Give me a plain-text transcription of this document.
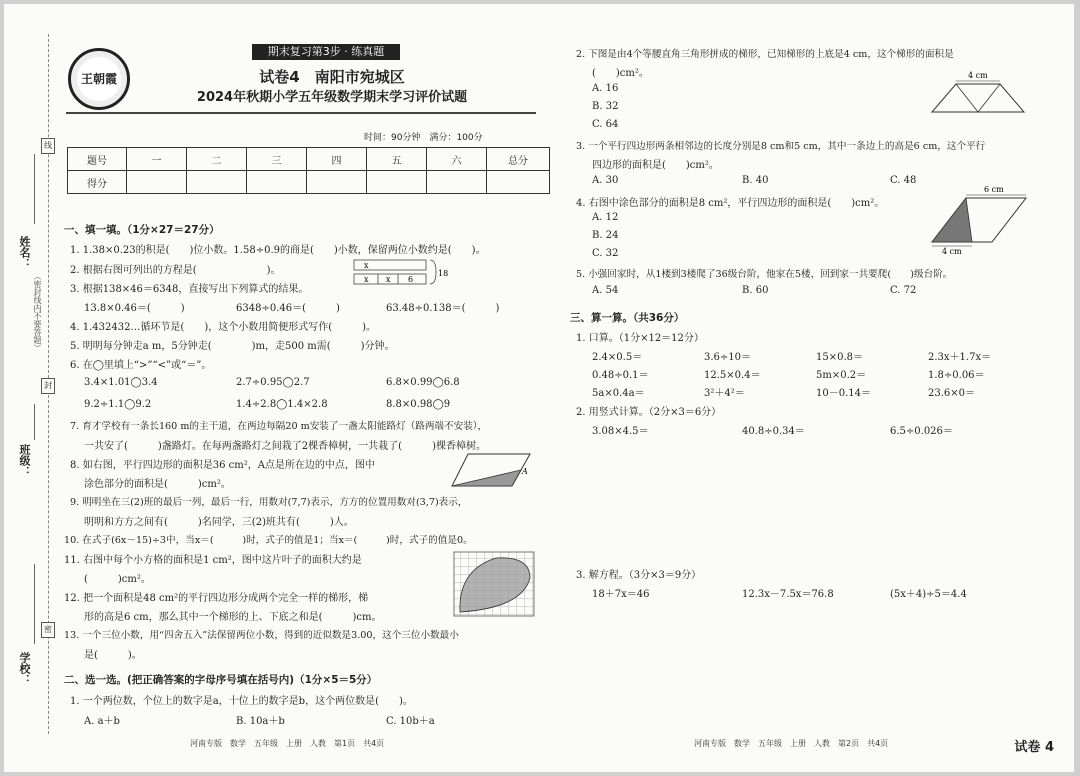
线
封
密
姓名：
（密封线内不要答题）
班级：
学校：
王朝霞
期末复习第3步 · 练真题
试卷4　南阳市宛城区
2024年秋期小学五年级数学期末学习评价试题
时间：90分钟　满分：100分
题号	一	二	三	四	五	六	总分
得分							
一、填一填。（1分×27＝27分）
1. 1.38×0.23的积是(　　)位小数。1.58÷0.9的商是(　　)小数，保留两位小数约是(　　)。
2. 根据右图可列出的方程是(　　　　　　　)。	x
x x 6
18
3. 根据138×46＝6348，直接写出下列算式的结果。
13.8×0.46＝(　　　)	6348÷0.46＝(　　　)	63.48÷0.138＝(　　　)
4. 1.432432…循环节是(　　)，这个小数用简便形式写作(　　　)。
5. 明明每分钟走a m，5分钟走(　　　　)m，走500 m需(　　　)分钟。
6. 在◯里填上“>”“<”或“＝”。
3.4×1.01◯3.4	2.7÷0.95◯2.7	6.8×0.99◯6.8
9.2÷1.1◯9.2	1.4÷2.8◯1.4×2.8	8.8×0.98◯9
7. 育才学校有一条长160 m的主干道，在两边每隔20 m安装了一盏太阳能路灯（路两端不安装），
一共安了(　　　)盏路灯。在每两盏路灯之间栽了2棵香樟树，一共栽了(　　　)棵香樟树。
8. 如右图，平行四边形的面积是36 cm²，A点是所在边的中点，图中
涂色部分的面积是(　　　)cm²。
A
9. 明明坐在三(2)班的最后一列，最后一行，用数对(7,7)表示，方方的位置用数对(3,7)表示，
明明和方方之间有(　　　)名同学，三(2)班共有(　　　)人。
10. 在式子(6x－15)÷3中，当x＝(　　　)时，式子的值是1；当x＝(　　　)时，式子的值是0。
11. 右图中每个小方格的面积是1 cm²，图中这片叶子的面积大约是
(　　　)cm²。
12. 把一个面积是48 cm²的平行四边形分成两个完全一样的梯形，梯
形的高是6 cm，那么其中一个梯形的上、下底之和是(　　　)cm。
13. 一个三位小数，用“四舍五入”法保留两位小数，得到的近似数是3.00，这个三位小数最小
是(　　　)。
二、选一选。(把正确答案的字母序号填在括号内)（1分×5＝5分）
1. 一个两位数，个位上的数字是a，十位上的数字是b，这个两位数是(　　)。
A. a＋b	B. 10a＋b	C. 10b＋a
河南专版　数学　五年级　上册　人教　第1页　共4页
2. 下图是由4个等腰直角三角形拼成的梯形，已知梯形的上底是4 cm，这个梯形的面积是
(　　)cm²。
A. 16
B. 32
C. 64
4 cm
3. 一个平行四边形两条相邻边的长度分别是8 cm和5 cm，其中一条边上的高是6 cm，这个平行
四边形的面积是(　　)cm²。
A. 30	B. 40	C. 48
4. 右图中涂色部分的面积是8 cm²，平行四边形的面积是(　　)cm²。
A. 12
B. 24
C. 32
6 cm
4 cm
5. 小强回家时，从1楼到3楼爬了36级台阶，他家在5楼，回到家一共要爬(　　)级台阶。
A. 54	B. 60	C. 72
三、算一算。（共36分）
1. 口算。（1分×12＝12分）
2.4×0.5＝	3.6÷10＝	15×0.8＝	2.3x＋1.7x＝
0.48÷0.1＝	12.5×0.4＝	5m×0.2＝	1.8÷0.06＝
5a×0.4a＝	3²＋4²＝	10－0.14＝	23.6×0＝
2. 用竖式计算。（2分×3＝6分）
3.08×4.5＝	40.8÷0.34＝	6.5÷0.026＝
3. 解方程。（3分×3＝9分）
18＋7x＝46	12.3x－7.5x＝76.8	(5x＋4)÷5＝4.4
河南专版　数学　五年级　上册　人教　第2页　共4页	试卷 4
